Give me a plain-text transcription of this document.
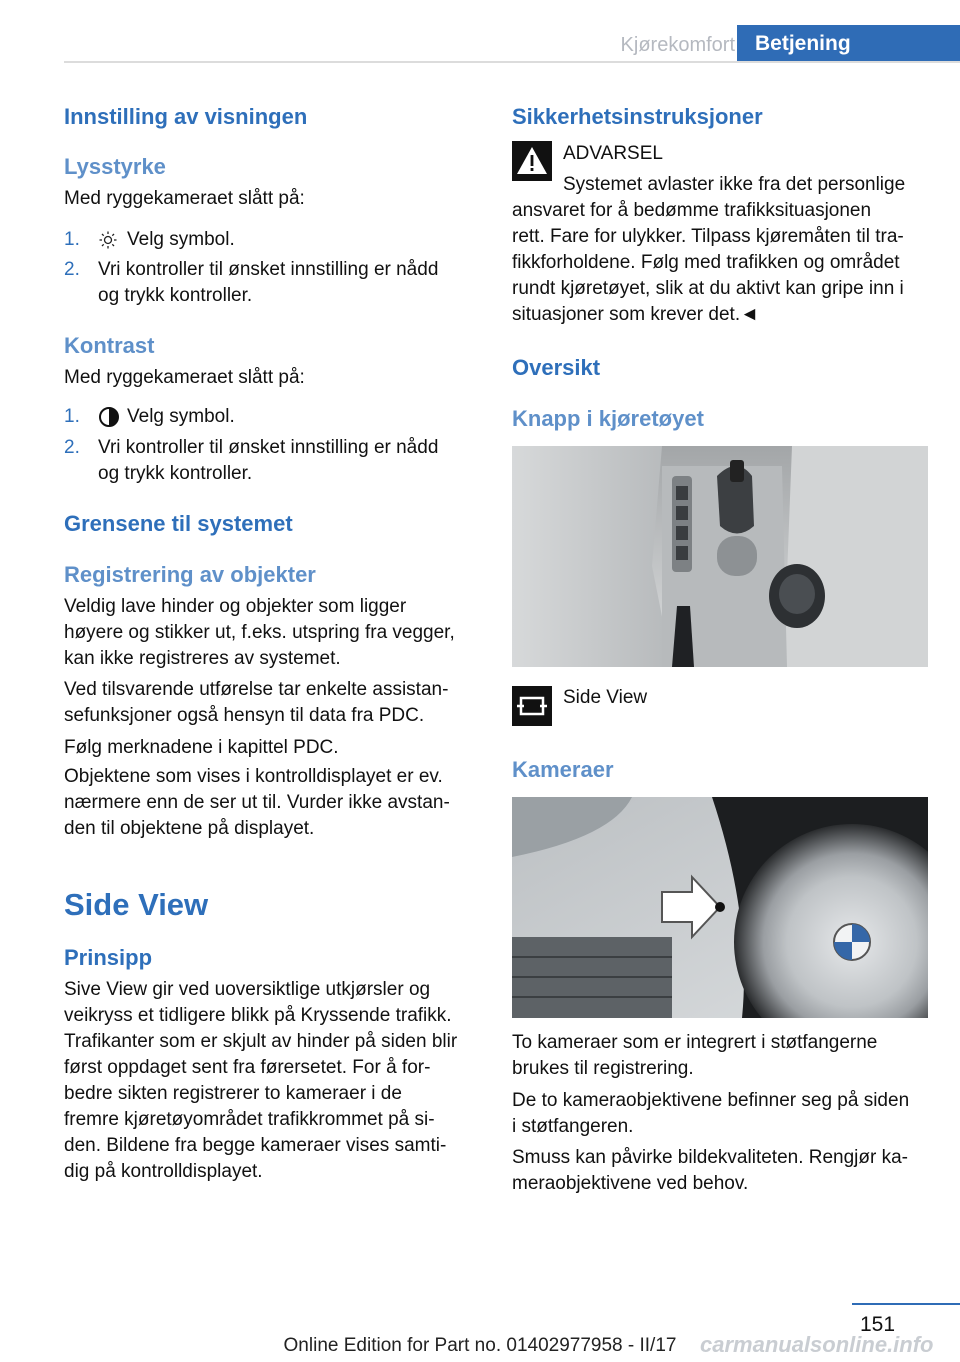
Kjørekomfort Betjening
Innstilling av visningen
Lysstyrke
Med ryggekameraet slått på:
1. Velg symbol.
2. Vri kontroller til ønsket innstilling er nådd
og trykk kontroller.
Kontrast
Med ryggekameraet slått på:
1. Velg symbol.
2. Vri kontroller til ønsket innstilling er nådd
og trykk kontroller.
Grensene til systemet
Registrering av objekter
Veldig lave hinder og objekter som ligger
høyere og stikker ut, f.eks. utspring fra vegger,
kan ikke registreres av systemet.
Ved tilsvarende utførelse tar enkelte assistan‐
sefunksjoner også hensyn til data fra PDC.
Følg merknadene i kapittel PDC.
Objektene som vises i kontrolldisplayet er ev.
nærmere enn de ser ut til. Vurder ikke avstan‐
den til objektene på displayet.
Side View
Prinsipp
Sive View gir ved uoversiktlige utkjørsler og
veikryss et tidligere blikk på Kryssende trafikk.
Trafikanter som er skjult av hinder på siden blir
først oppdaget sent fra førersetet. For å for‐
bedre sikten registrerer to kameraer i de
fremre kjøretøyområdet trafikkrommet på si‐
den. Bildene fra begge kameraer vises samti‐
dig på kontrolldisplayet.
Sikkerhetsinstruksjoner
ADVARSEL
Systemet avlaster ikke fra det personlige
ansvaret for å bedømme trafikksituasjonen
rett. Fare for ulykker. Tilpass kjøremåten til tra‐
fikkforholdene. Følg med trafikken og området
rundt kjøretøyet, slik at du aktivt kan gripe inn i
situasjoner som krever det.◄
Oversikt
Knapp i kjøretøyet
Side View
Kameraer
To kameraer som er integrert i støtfangerne
brukes til registrering.
De to kameraobjektivene befinner seg på siden
i støtfangeren.
Smuss kan påvirke bildekvaliteten. Rengjør ka‐
meraobjektivene ved behov.
151
carmanualsonline.info
Online Edition for Part no. 01402977958 - II/17
